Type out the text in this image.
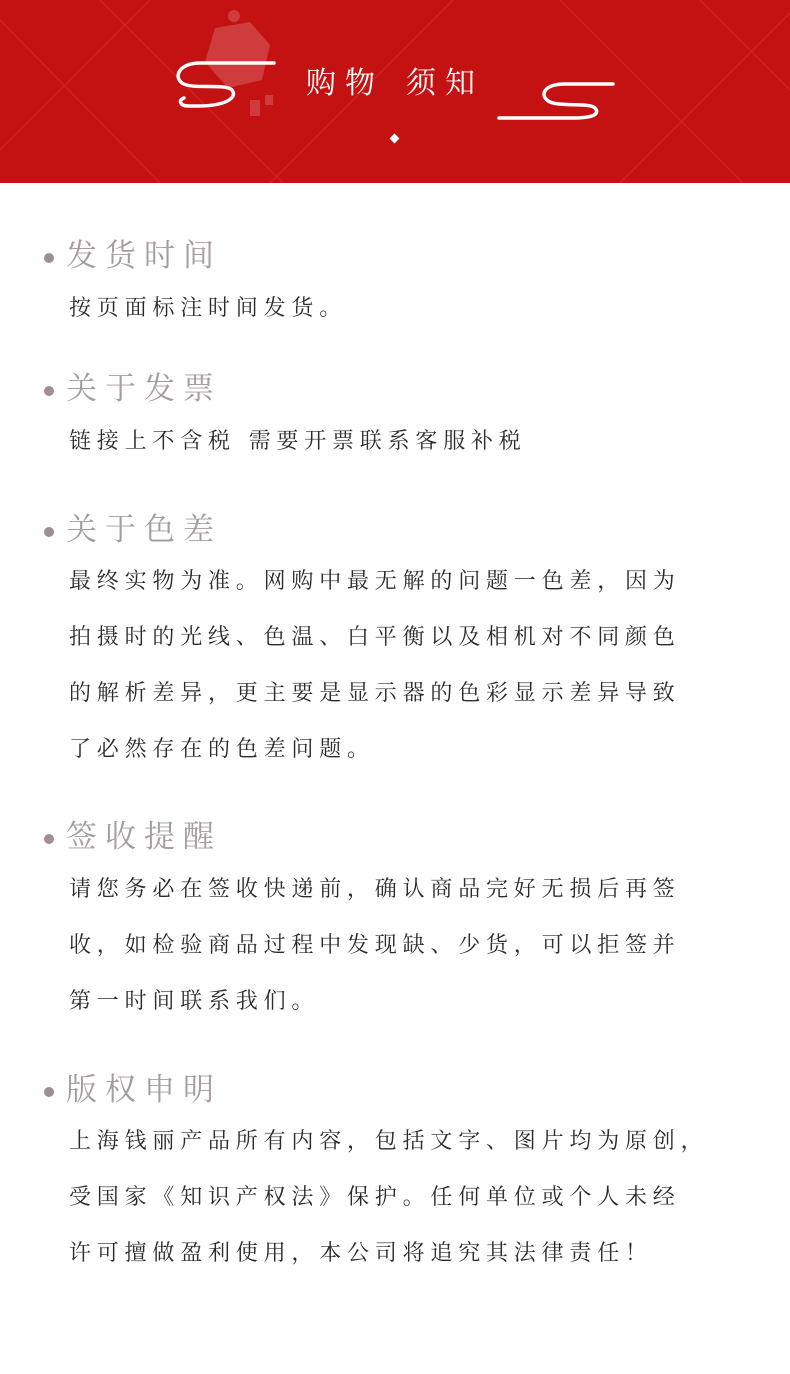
购物 须知
发货时间
按页面标注时间发货。
关于发票
链接上不含税 需要开票联系客服补税
关于色差
最终实物为准。网购中最无解的问题一色差，因为
拍摄时的光线、色温、白平衡以及相机对不同颜色
的解析差异，更主要是显示器的色彩显示差异导致
了必然存在的色差问题。
签收提醒
请您务必在签收快递前，确认商品完好无损后再签
收，如检验商品过程中发现缺、少货，可以拒签并
第一时间联系我们。
版权申明
上海钱丽产品所有内容，包括文字、图片均为原创，
受国家《知识产权法》保护。任何单位或个人未经
许可擅做盈利使用，本公司将追究其法律责任！
